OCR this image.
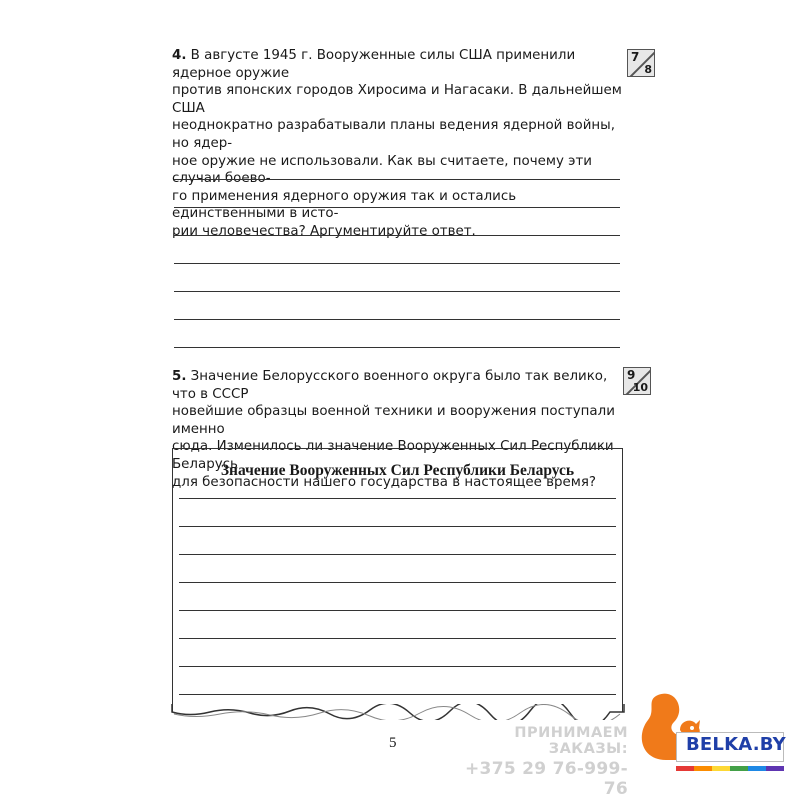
4. В августе 1945 г. Вооруженные силы США применили ядерное оружие
против японских городов Хиросима и Нагасаки. В дальнейшем США
неоднократно разрабатывали планы ведения ядерной войны, но ядер-
ное оружие не использовали. Как вы считаете, почему эти случаи боево-
го применения ядерного оружия так и остались единственными в исто-
рии человечества? Аргументируйте ответ.
7
8
5. Значение Белорусского военного округа было так велико, что в СССР
новейшие образцы военной техники и вооружения поступали именно
сюда. Изменилось ли значение Вооруженных Сил Республики Беларусь
для безопасности нашего государства в настоящее время?
9
10
Значение Вооруженных Сил Республики Беларусь
5
ПРИНИМАЕМ ЗАКАЗЫ:
+375 29 76-999-76
BELKA.BY
